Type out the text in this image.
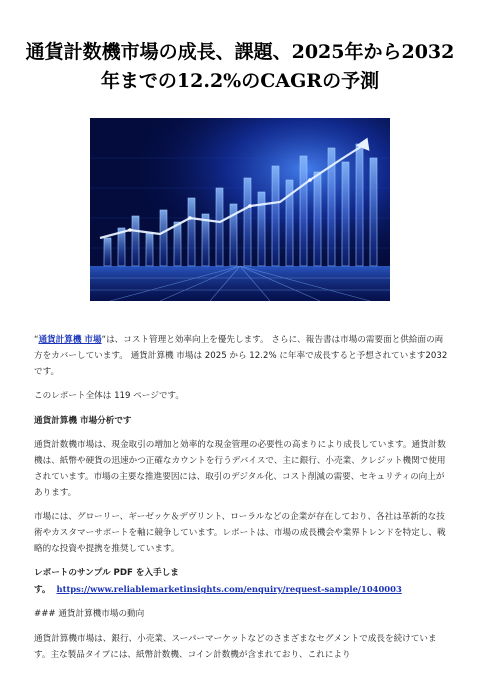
通貨計数機市場の成長、課題、2025年から2032
年までの12.2%のCAGRの予測

“通貨計算機 市場“は、コスト管理と効率向上を優先します。 さらに、報告書は市場の需要面と供給面の両方をカバーしています。 通貨計算機 市場は 2025 から 12.2% に年率で成長すると予想されています2032 です。

このレポート全体は 119 ページです。

通貨計算機 市場分析です

通貨計数機市場は、現金取引の増加と効率的な現金管理の必要性の高まりにより成長しています。通貨計数機は、紙幣や硬貨の迅速かつ正確なカウントを行うデバイスで、主に銀行、小売業、クレジット機関で使用されています。市場の主要な推進要因には、取引のデジタル化、コスト削減の需要、セキュリティの向上があります。

市場には、グローリー、ギーゼッケ＆デヴリント、ローラルなどの企業が存在しており、各社は革新的な技術やカスタマーサポートを軸に競争しています。レポートは、市場の成長機会や業界トレンドを特定し、戦略的な投資や提携を推奨しています。

レポートのサンプル PDF を入手しま
す。 https://www.reliablemarketinsights.com/enquiry/request-sample/1040003

### 通貨計算機市場の動向

通貨計算機市場は、銀行、小売業、スーパーマーケットなどのさまざまなセグメントで成長を続けています。主な製品タイプには、紙幣計数機、コイン計数機が含まれており、これにより
